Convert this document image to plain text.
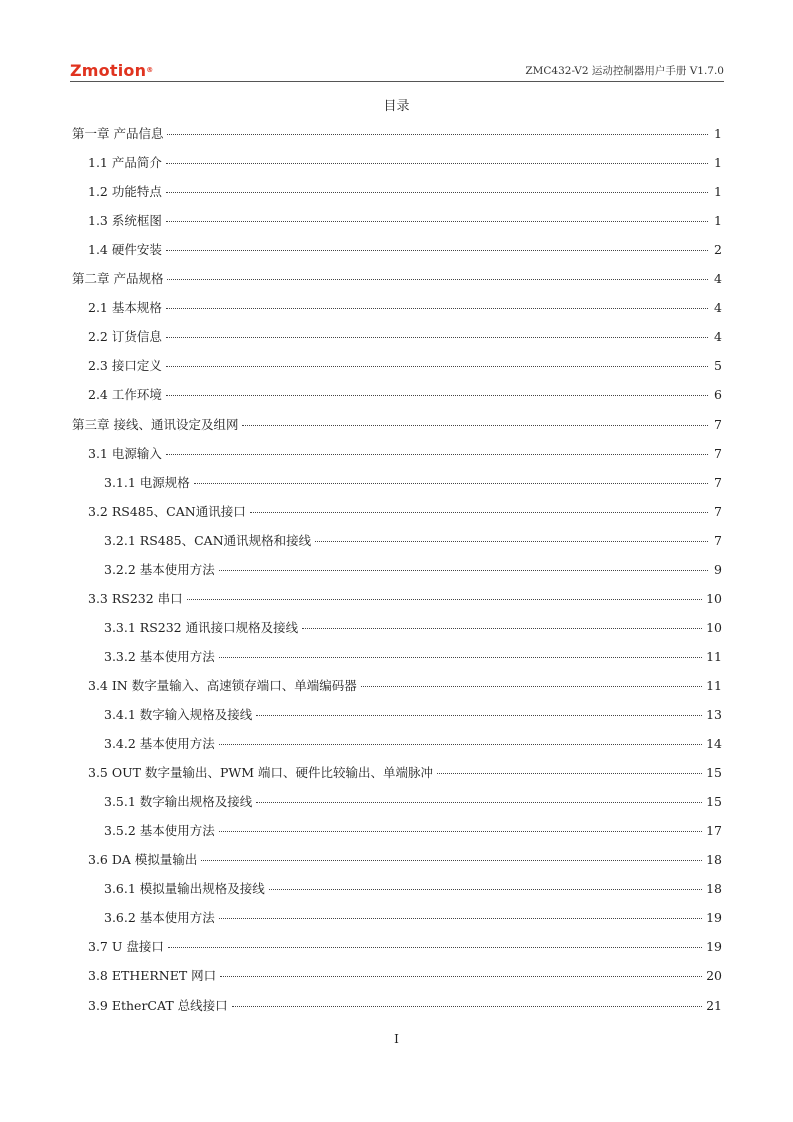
Zmotion®	ZMC432-V2 运动控制器用户手册 V1.7.0
目录
第一章 产品信息	1
1.1 产品简介	1
1.2 功能特点	1
1.3 系统框图	1
1.4 硬件安装	2
第二章 产品规格	4
2.1 基本规格	4
2.2 订货信息	4
2.3 接口定义	5
2.4 工作环境	6
第三章 接线、通讯设定及组网	7
3.1 电源输入	7
3.1.1 电源规格	7
3.2 RS485、CAN通讯接口	7
3.2.1 RS485、CAN通讯规格和接线	7
3.2.2 基本使用方法	9
3.3 RS232 串口	10
3.3.1 RS232 通讯接口规格及接线	10
3.3.2 基本使用方法	11
3.4 IN 数字量输入、高速锁存端口、单端编码器	11
3.4.1 数字输入规格及接线	13
3.4.2 基本使用方法	14
3.5 OUT 数字量输出、PWM 端口、硬件比较输出、单端脉冲	15
3.5.1 数字输出规格及接线	15
3.5.2 基本使用方法	17
3.6 DA 模拟量输出	18
3.6.1 模拟量输出规格及接线	18
3.6.2 基本使用方法	19
3.7 U 盘接口	19
3.8 ETHERNET 网口	20
3.9 EtherCAT 总线接口	21
I
